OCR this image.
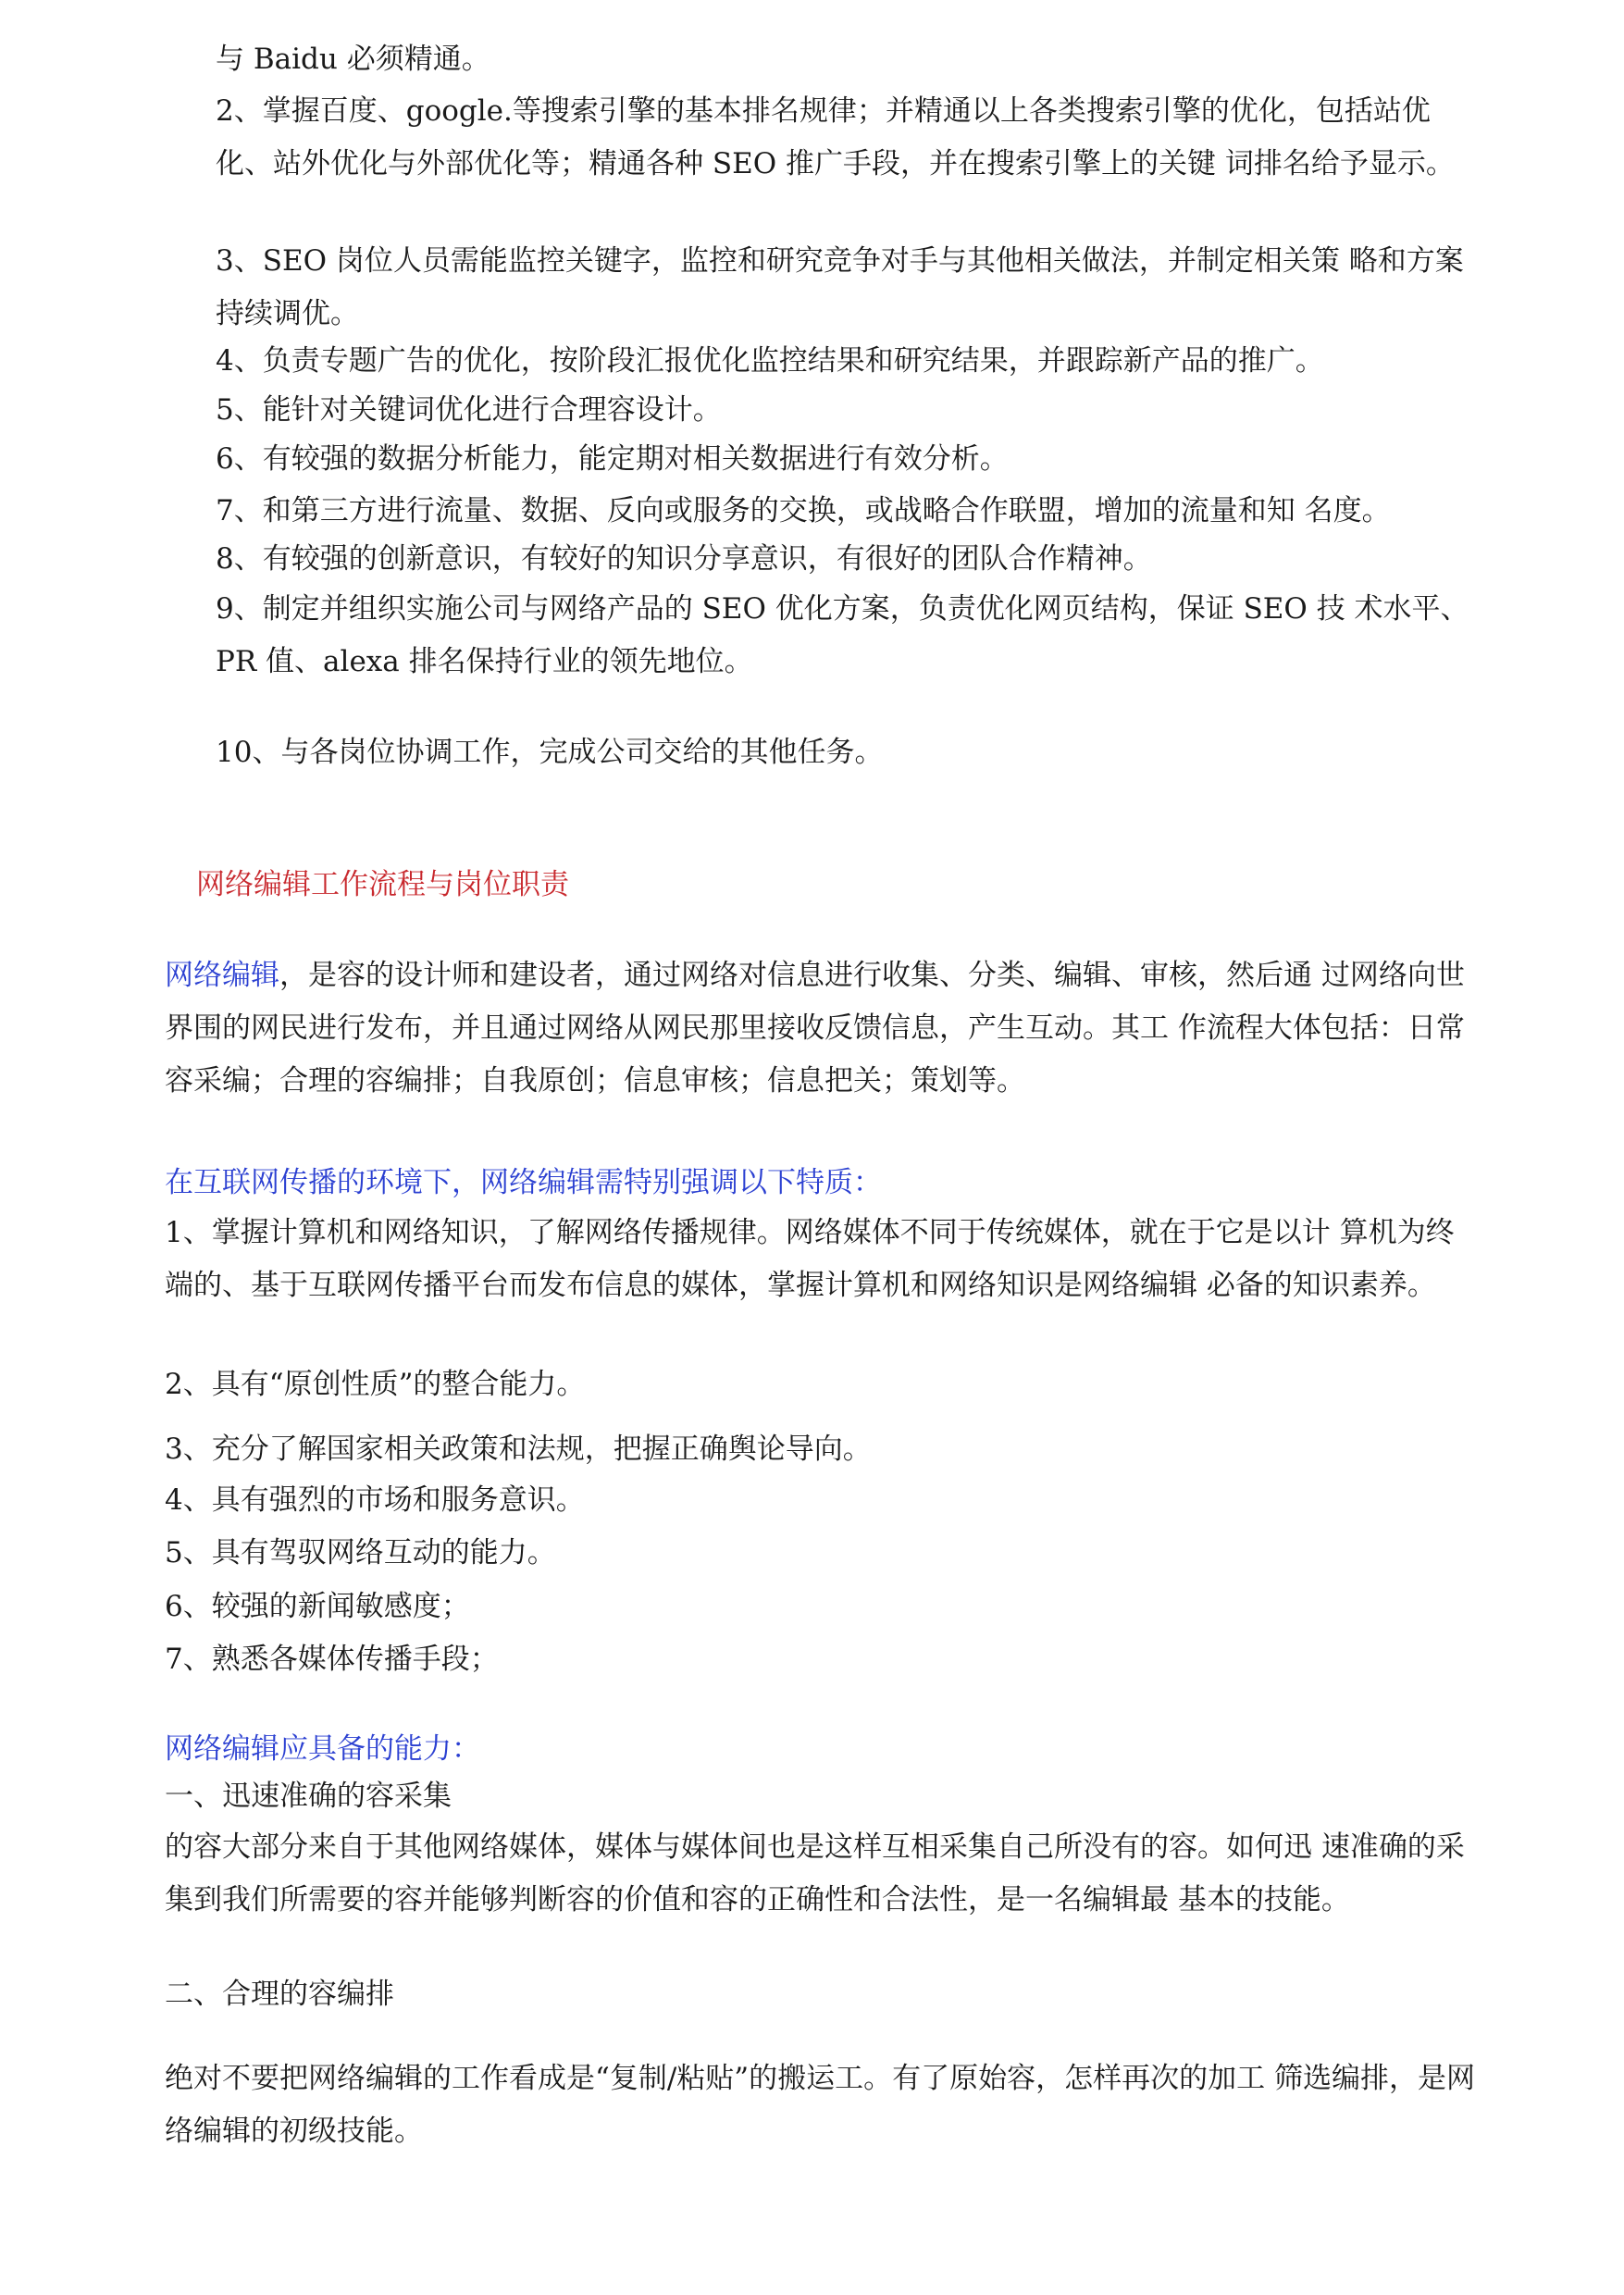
与 Baidu 必须精通。

2、掌握百度、google.等搜索引擎的基本排名规律；并精通以上各类搜索引擎的优化，包括站优化、站外优化与外部优化等；精通各种 SEO 推广手段，并在搜索引擎上的关键 词排名给予显示。

3、SEO 岗位人员需能监控关键字，监控和研究竞争对手与其他相关做法，并制定相关策 略和方案持续调优。

4、负责专题广告的优化，按阶段汇报优化监控结果和研究结果，并跟踪新产品的推广。

5、能针对关键词优化进行合理容设计。

6、有较强的数据分析能力，能定期对相关数据进行有效分析。

7、和第三方进行流量、数据、反向或服务的交换，或战略合作联盟，增加的流量和知 名度。

8、有较强的创新意识，有较好的知识分享意识，有很好的团队合作精神。

9、制定并组织实施公司与网络产品的 SEO 优化方案，负责优化网页结构，保证 SEO 技 术水平、PR 值、alexa 排名保持行业的领先地位。

10、与各岗位协调工作，完成公司交给的其他任务。

网络编辑工作流程与岗位职责

网络编辑，是容的设计师和建设者，通过网络对信息进行收集、分类、编辑、审核，然后通 过网络向世界围的网民进行发布，并且通过网络从网民那里接收反馈信息，产生互动。其工 作流程大体包括：日常容采编；合理的容编排；自我原创；信息审核；信息把关；策划等。

在互联网传播的环境下，网络编辑需特别强调以下特质：

1、掌握计算机和网络知识，了解网络传播规律。网络媒体不同于传统媒体，就在于它是以计 算机为终端的、基于互联网传播平台而发布信息的媒体，掌握计算机和网络知识是网络编辑 必备的知识素养。

2、具有“原创性质”的整合能力。

3、充分了解国家相关政策和法规，把握正确舆论导向。

4、具有强烈的市场和服务意识。

5、具有驾驭网络互动的能力。

6、较强的新闻敏感度；

7、熟悉各媒体传播手段；

网络编辑应具备的能力：

一、迅速准确的容采集

的容大部分来自于其他网络媒体，媒体与媒体间也是这样互相采集自己所没有的容。如何迅 速准确的采集到我们所需要的容并能够判断容的价值和容的正确性和合法性，是一名编辑最 基本的技能。

二、合理的容编排

绝对不要把网络编辑的工作看成是“复制/粘贴”的搬运工。有了原始容，怎样再次的加工 筛选编排，是网络编辑的初级技能。
